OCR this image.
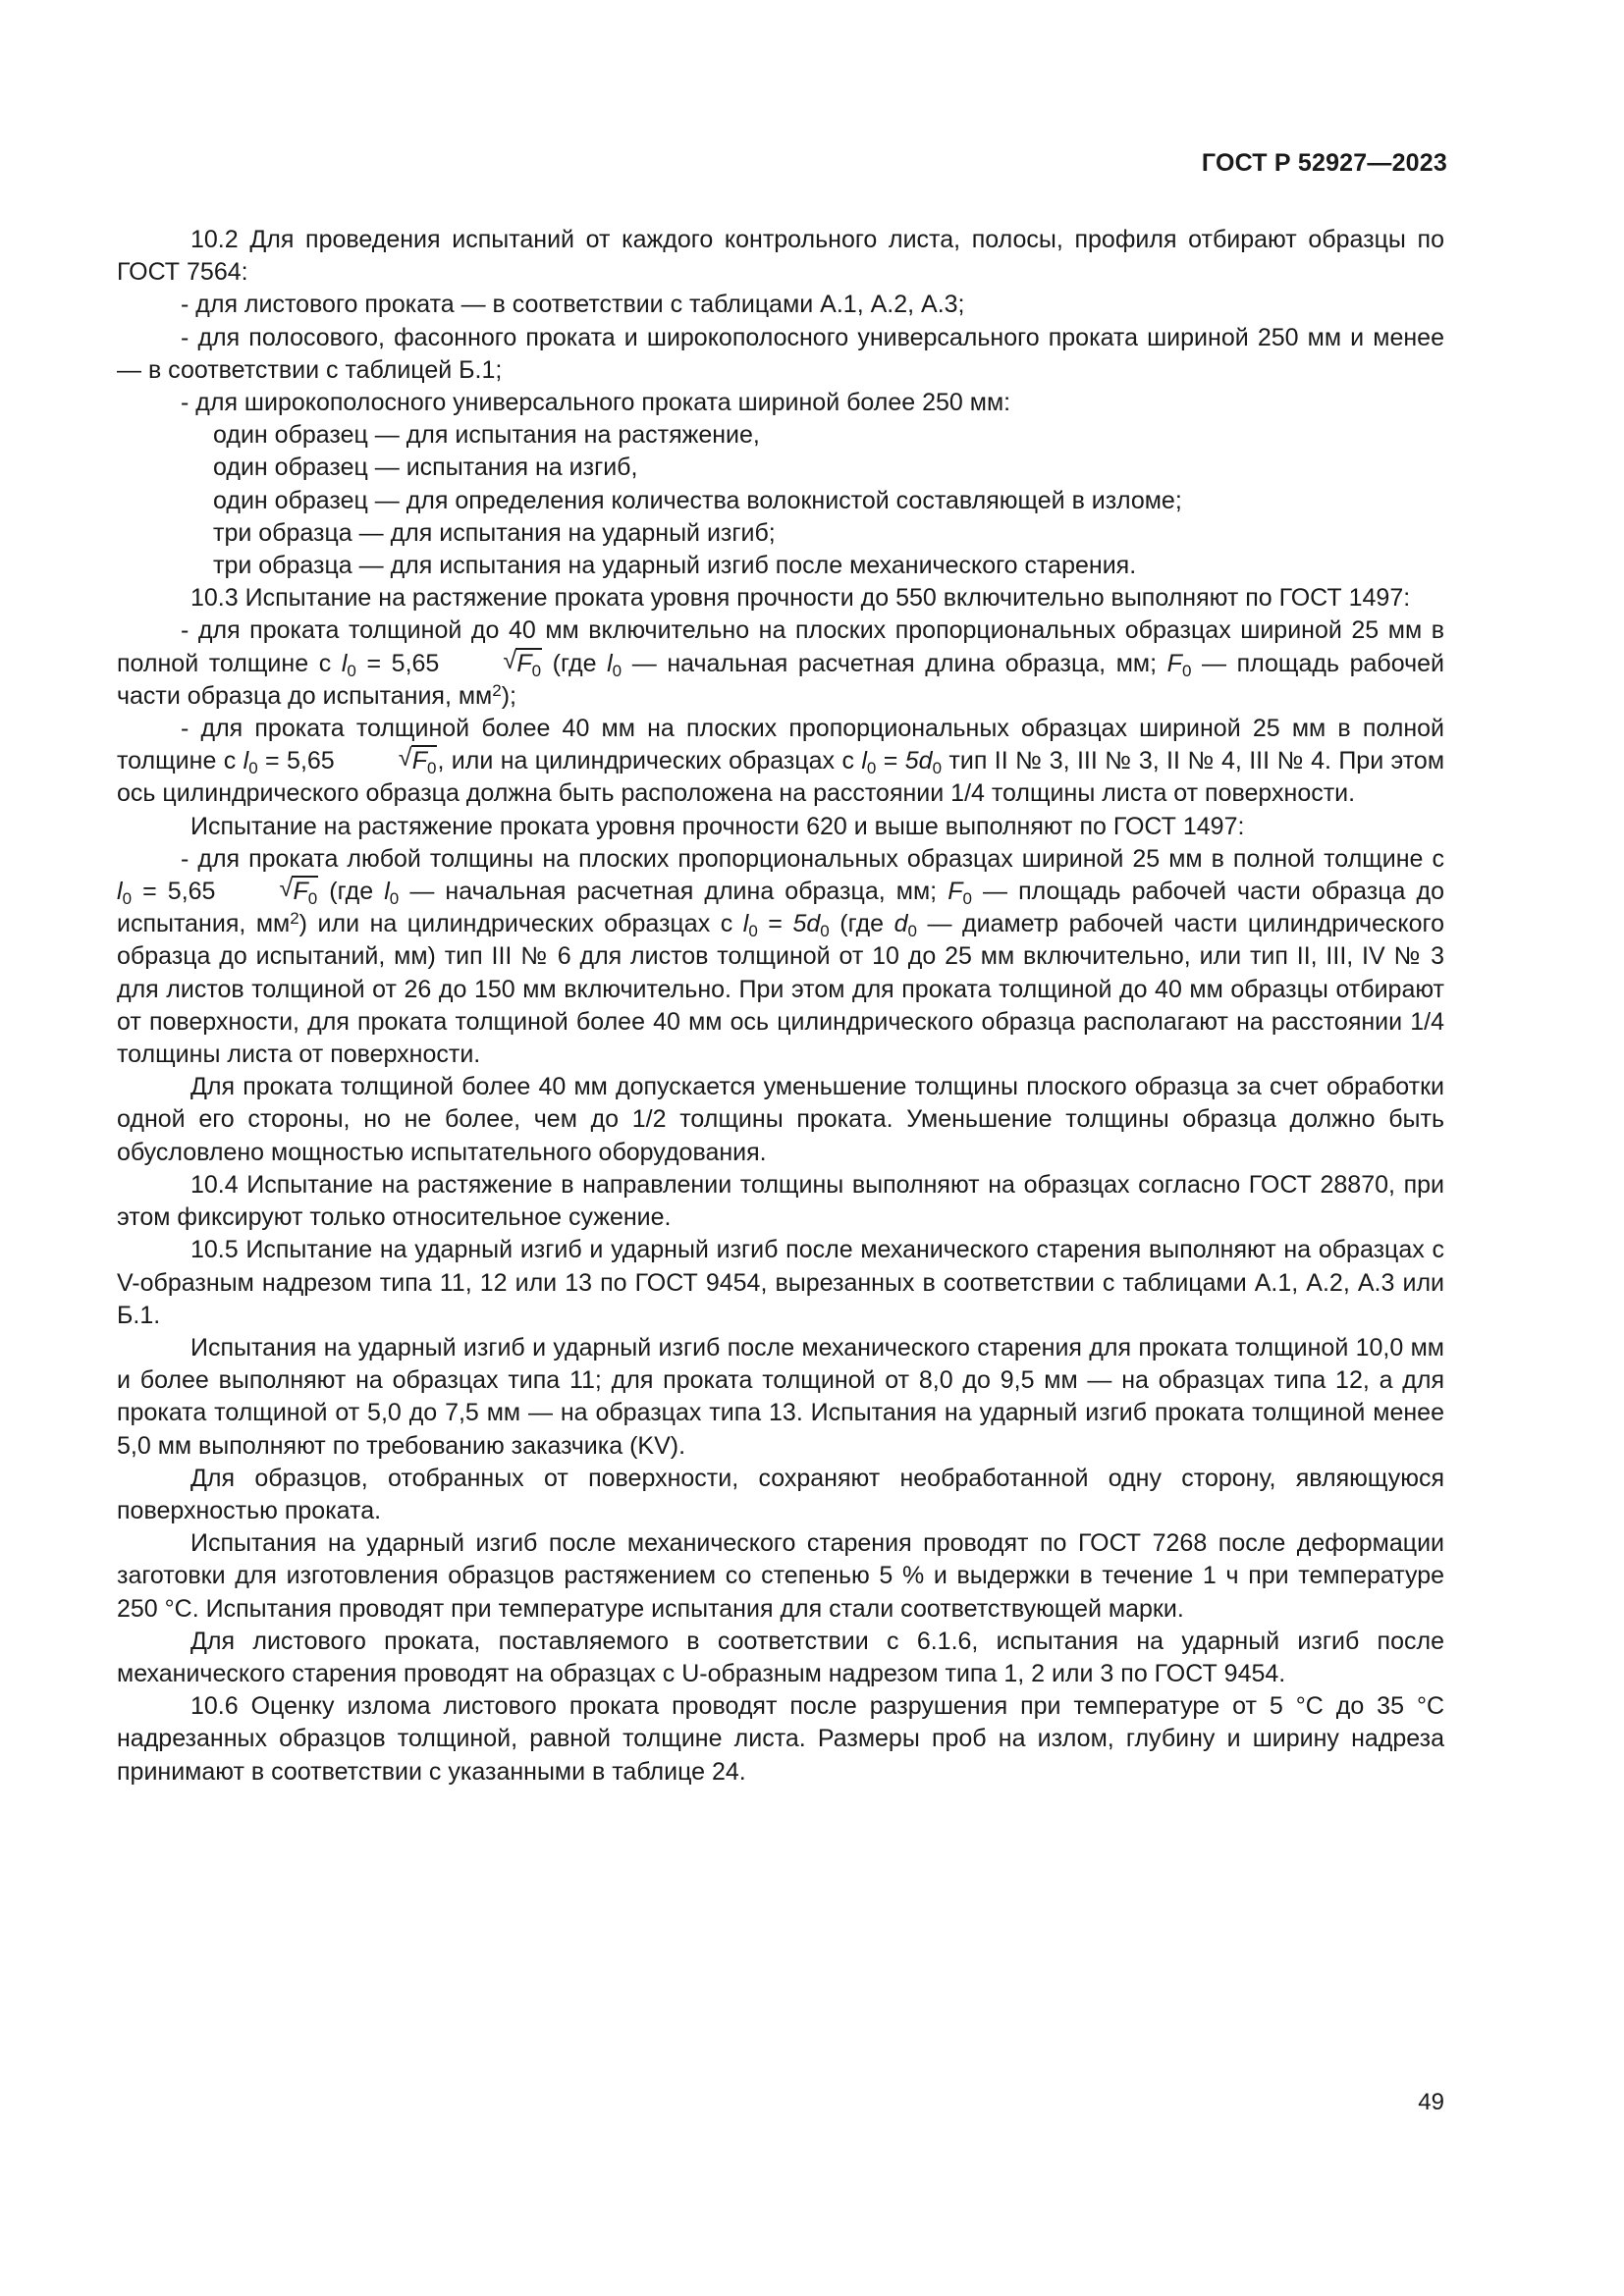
ГОСТ Р 52927—2023

10.2 Для проведения испытаний от каждого контрольного листа, полосы, профиля отбирают образцы по ГОСТ 7564:

- для листового проката — в соответствии с таблицами А.1, А.2, А.3;

- для полосового, фасонного проката и широкополосного универсального проката шириной 250 мм и менее — в соответствии с таблицей Б.1;

- для широкополосного универсального проката шириной более 250 мм:

один образец — для испытания на растяжение,

один образец — испытания на изгиб,

один образец — для определения количества волокнистой составляющей в изломе;

три образца — для испытания на ударный изгиб;

три образца — для испытания на ударный изгиб после механического старения.

10.3 Испытание на растяжение проката уровня прочности до 550 включительно выполняют по ГОСТ 1497:

- для проката толщиной до 40 мм включительно на плоских пропорциональных образцах шириной 25 мм в полной толщине с $l_0 = 5,65$	√ $F_0$ (где $l_0$ — начальная расчетная длина образца, мм; $F_0$ — площадь рабочей части образца до испытания, $мм^2$);

- для проката толщиной более 40 мм на плоских пропорциональных образцах шириной 25 мм в полной толщине с $l_0 = 5,65$	√ $F_0$, или на цилиндрических образцах с $l_0 = 5d_0$ тип II № 3, III № 3, II № 4, III № 4. При этом ось цилиндрического образца должна быть расположена на расстоянии 1/4 толщины листа от поверхности.

Испытание на растяжение проката уровня прочности 620 и выше выполняют по ГОСТ 1497:

- для проката любой толщины на плоских пропорциональных образцах шириной 25 мм в полной толщине с $l_0 = 5,65$	√ $F_0$ (где $l_0$ — начальная расчетная длина образца, мм; $F_0$ — площадь рабочей части образца до испытания, $мм^2$) или на цилиндрических образцах с $l_0 = 5d_0$ (где $d_0$ — диаметр рабочей части цилиндрического образца до испытаний, мм) тип III № 6 для листов толщиной от 10 до 25 мм включительно, или тип II, III, IV № 3 для листов толщиной от 26 до 150 мм включительно. При этом для проката толщиной до 40 мм образцы отбирают от поверхности, для проката толщиной более 40 мм ось цилиндрического образца располагают на расстоянии 1/4 толщины листа от поверхности.

Для проката толщиной более 40 мм допускается уменьшение толщины плоского образца за счет обработки одной его стороны, но не более, чем до 1/2 толщины проката. Уменьшение толщины образца должно быть обусловлено мощностью испытательного оборудования.

10.4 Испытание на растяжение в направлении толщины выполняют на образцах согласно ГОСТ 28870, при этом фиксируют только относительное сужение.

10.5 Испытание на ударный изгиб и ударный изгиб после механического старения выполняют на образцах с V-образным надрезом типа 11, 12 или 13 по ГОСТ 9454, вырезанных в соответствии с таблицами А.1, А.2, А.3 или Б.1.

Испытания на ударный изгиб и ударный изгиб после механического старения для проката толщиной 10,0 мм и более выполняют на образцах типа 11; для проката толщиной от 8,0 до 9,5 мм — на образцах типа 12, а для проката толщиной от 5,0 до 7,5 мм — на образцах типа 13. Испытания на ударный изгиб проката толщиной менее 5,0 мм выполняют по требованию заказчика (KV).

Для образцов, отобранных от поверхности, сохраняют необработанной одну сторону, являющуюся поверхностью проката.

Испытания на ударный изгиб после механического старения проводят по ГОСТ 7268 после деформации заготовки для изготовления образцов растяжением со степенью 5 % и выдержки в течение 1 ч при температуре 250 °С. Испытания проводят при температуре испытания для стали соответствующей марки.

Для листового проката, поставляемого в соответствии с 6.1.6, испытания на ударный изгиб после механического старения проводят на образцах с U-образным надрезом типа 1, 2 или 3 по ГОСТ 9454.

10.6 Оценку излома листового проката проводят после разрушения при температуре от 5 °С до 35 °С надрезанных образцов толщиной, равной толщине листа. Размеры проб на излом, глубину и ширину надреза принимают в соответствии с указанными в таблице 24.

49
